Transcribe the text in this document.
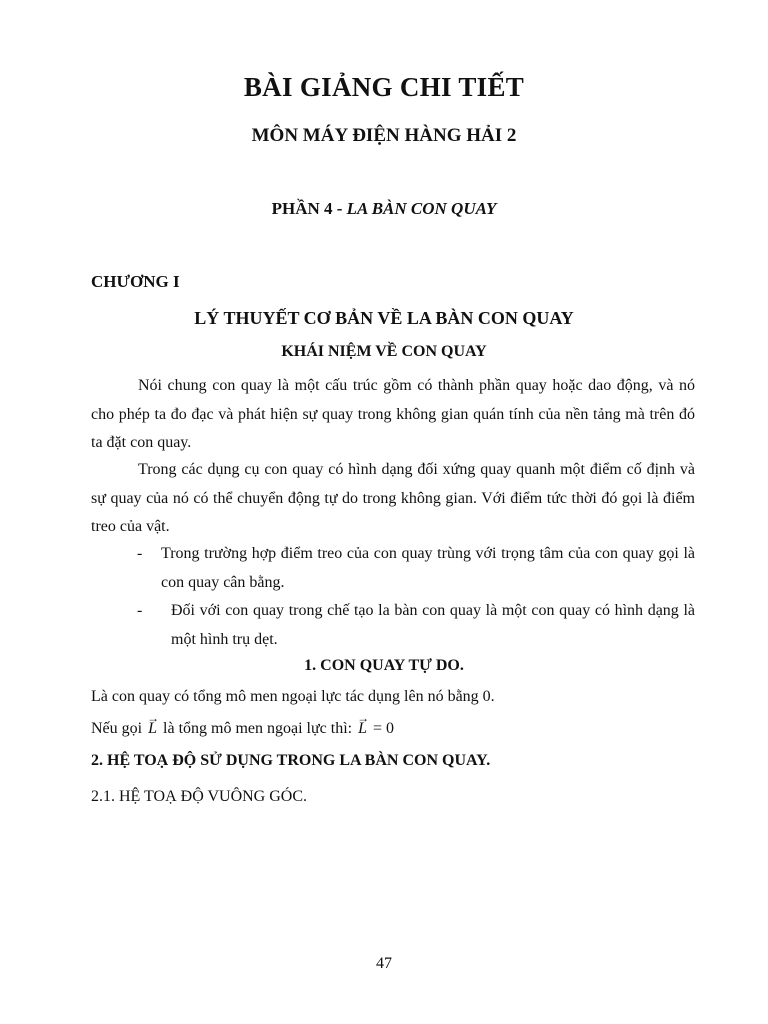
BÀI GIẢNG CHI TIẾT
MÔN MÁY ĐIỆN HÀNG HẢI 2
PHẦN 4 - LA BÀN CON QUAY
CHƯƠNG I
LÝ THUYẾT CƠ BẢN VỀ LA BÀN CON QUAY
KHÁI NIỆM VỀ CON QUAY
Nói chung con quay là một cấu trúc gồm có thành phần quay hoặc dao động, và nó cho phép ta đo đạc và phát hiện sự quay trong không gian quán tính của nền tảng mà trên đó ta đặt con quay.
Trong các dụng cụ con quay có hình dạng đối xứng quay quanh một điểm cố định và sự quay của nó có thể chuyển động tự do trong không gian. Với điểm tức thời đó gọi là điểm treo của vật.
-	Trong trường hợp điểm treo của con quay trùng với trọng tâm của con quay gọi là con quay cân bằng.
-	Đối với con quay trong chế tạo la bàn con quay là một con quay có hình dạng là một hình trụ dẹt.
1. CON QUAY TỰ DO.
Là con quay có tổng mô men ngoại lực tác dụng lên nó bằng 0.
Nếu gọi
→
L là tổng mô men ngoại lực thì:
→
L = 0
2. HỆ TOẠ ĐỘ SỬ DỤNG TRONG LA BÀN CON QUAY.
2.1. HỆ TOẠ ĐỘ VUÔNG GÓC.
47
